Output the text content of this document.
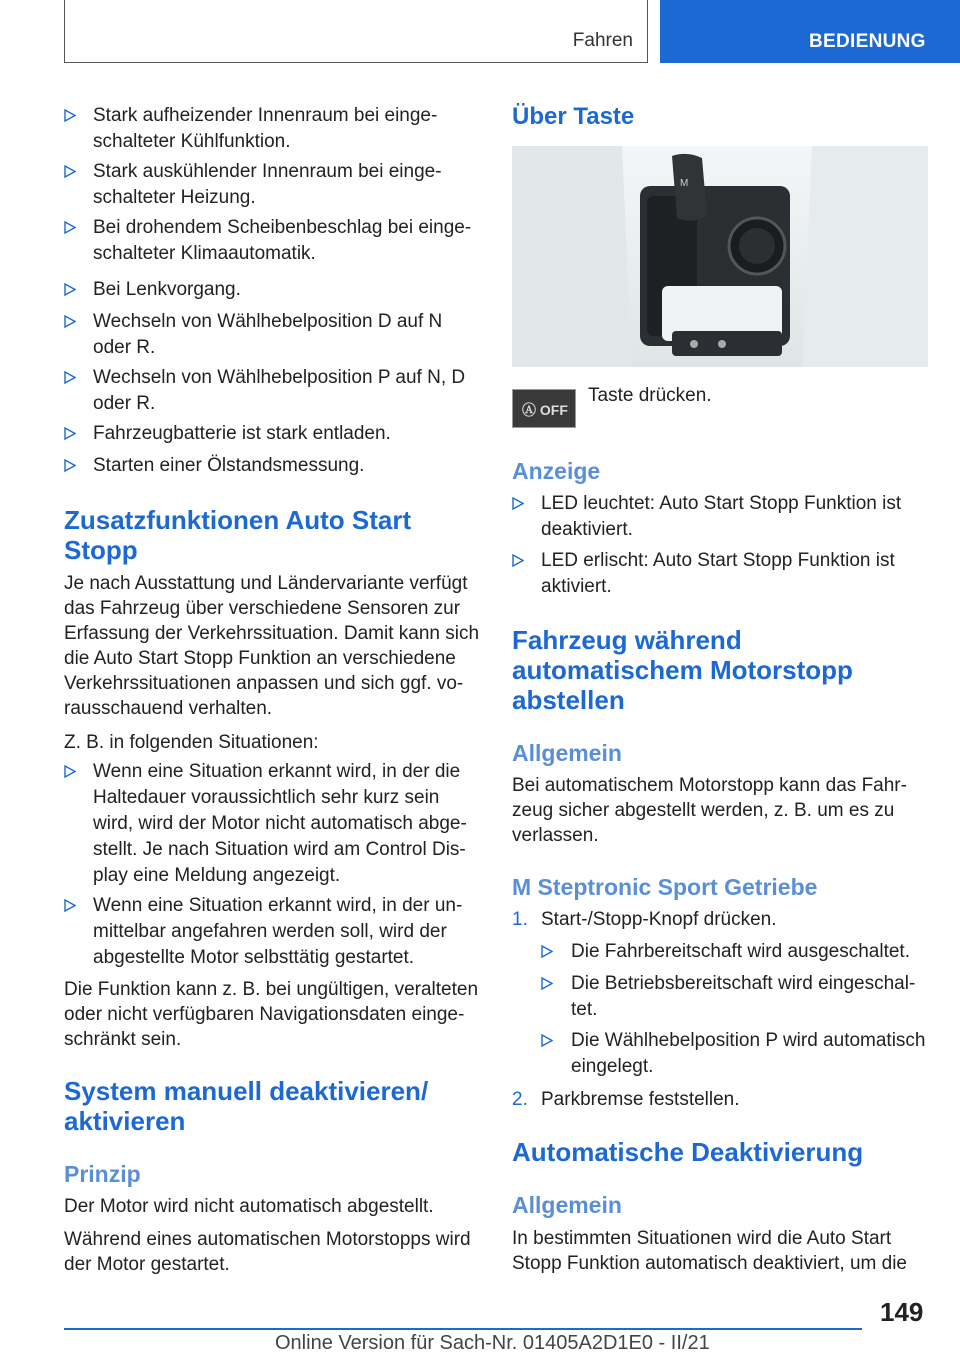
Fahren	BEDIENUNG
M
Ⓐ OFF
149
Online Version für Sach-Nr. 01405A2D1E0 - II/21
Stark aufheizender Innenraum bei einge-
schalteter Kühlfunktion.
Stark auskühlender Innenraum bei einge-
schalteter Heizung.
Bei drohendem Scheibenbeschlag bei einge-
schalteter Klimaautomatik.
Bei Lenkvorgang.
Wechseln von Wählhebelposition D auf N
oder R.
Wechseln von Wählhebelposition P auf N, D
oder R.
Fahrzeugbatterie ist stark entladen.
Starten einer Ölstandsmessung.
Zusatzfunktionen Auto Start
Stopp
Je nach Ausstattung und Ländervariante verfügt
das Fahrzeug über verschiedene Sensoren zur
Erfassung der Verkehrssituation. Damit kann sich
die Auto Start Stopp Funktion an verschiedene
Verkehrssituationen anpassen und sich ggf. vo-
rausschauend verhalten.
Z. B. in folgenden Situationen:
Wenn eine Situation erkannt wird, in der die
Haltedauer voraussichtlich sehr kurz sein
wird, wird der Motor nicht automatisch abge-
stellt. Je nach Situation wird am Control Dis-
play eine Meldung angezeigt.
Wenn eine Situation erkannt wird, in der un-
mittelbar angefahren werden soll, wird der
abgestellte Motor selbsttätig gestartet.
Die Funktion kann z. B. bei ungültigen, veralteten
oder nicht verfügbaren Navigationsdaten einge-
schränkt sein.
System manuell deaktivieren/
aktivieren
Prinzip
Der Motor wird nicht automatisch abgestellt.
Während eines automatischen Motorstopps wird
der Motor gestartet.
Über Taste
Taste drücken.
Anzeige
LED leuchtet: Auto Start Stopp Funktion ist
deaktiviert.
LED erlischt: Auto Start Stopp Funktion ist
aktiviert.
Fahrzeug während
automatischem Motorstopp
abstellen
Allgemein
Bei automatischem Motorstopp kann das Fahr-
zeug sicher abgestellt werden, z. B. um es zu
verlassen.
M Steptronic Sport Getriebe
1. Start-/Stopp-Knopf drücken.
Die Fahrbereitschaft wird ausgeschaltet.
Die Betriebsbereitschaft wird eingeschal-
tet.
Die Wählhebelposition P wird automatisch
eingelegt.
2. Parkbremse feststellen.
Automatische Deaktivierung
Allgemein
In bestimmten Situationen wird die Auto Start
Stopp Funktion automatisch deaktiviert, um die
